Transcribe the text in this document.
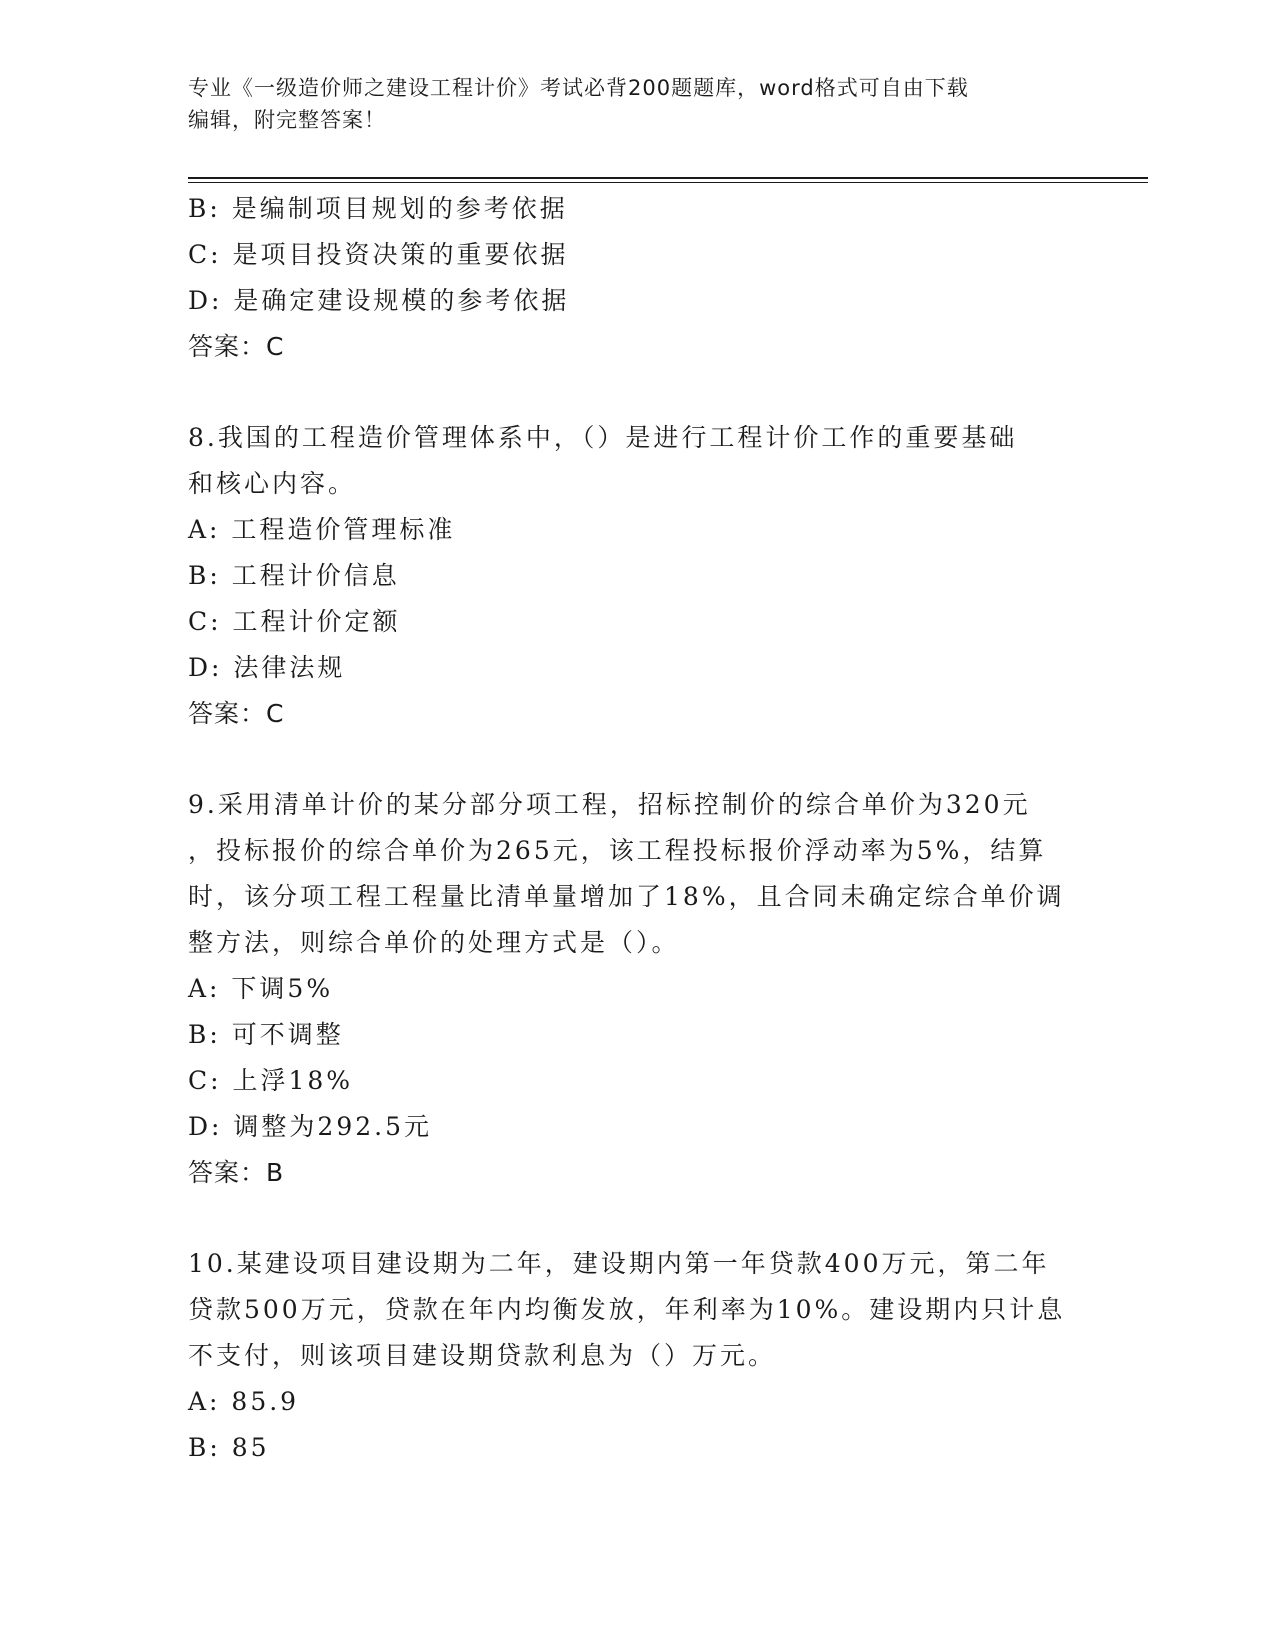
专业《一级造价师之建设工程计价》考试必背200题题库，word格式可自由下载
编辑，附完整答案！
B: 是编制项目规划的参考依据
C: 是项目投资决策的重要依据
D: 是确定建设规模的参考依据
答案：C
8.我国的工程造价管理体系中，（）是进行工程计价工作的重要基础
和核心内容。
A: 工程造价管理标准
B: 工程计价信息
C: 工程计价定额
D: 法律法规
答案：C
9.采用清单计价的某分部分项工程，招标控制价的综合单价为320元
，投标报价的综合单价为265元，该工程投标报价浮动率为5%，结算
时，该分项工程工程量比清单量增加了18%，且合同未确定综合单价调
整方法，则综合单价的处理方式是（）。
A: 下调5%
B: 可不调整
C: 上浮18%
D: 调整为292.5元
答案：B
10.某建设项目建设期为二年，建设期内第一年贷款400万元，第二年
贷款500万元，贷款在年内均衡发放，年利率为10%。建设期内只计息
不支付，则该项目建设期贷款利息为（）万元。
A: 85.9
B: 85
